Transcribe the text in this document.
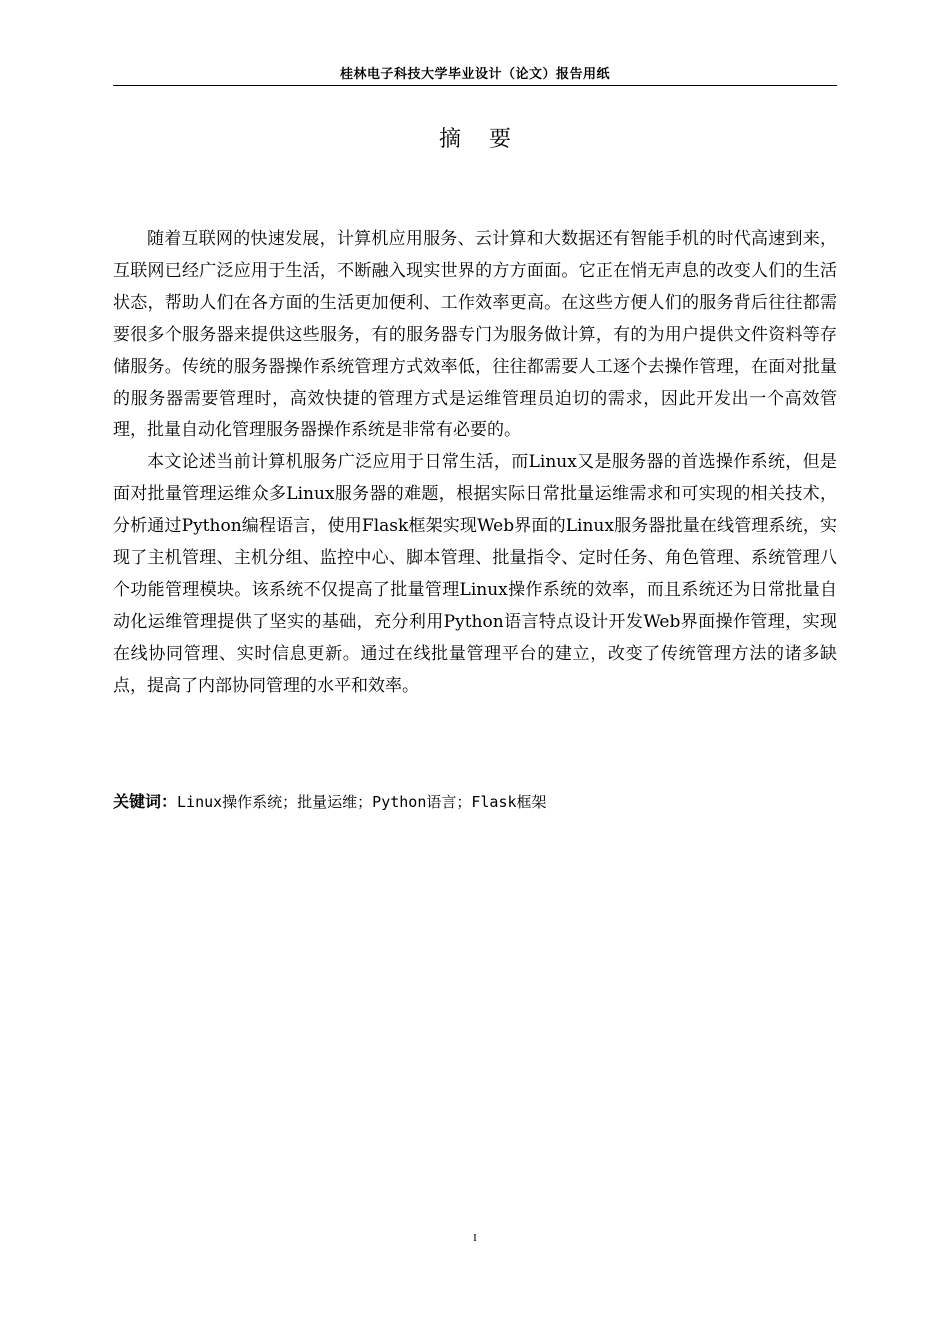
桂林电子科技大学毕业设计（论文）报告用纸
摘要

随着互联网的快速发展，计算机应用服务、云计算和大数据还有智能手机的时代高速到来，互联网已经广泛应用于生活，不断融入现实世界的方方面面。它正在悄无声息的改变人们的生活状态，帮助人们在各方面的生活更加便利、工作效率更高。在这些方便人们的服务背后往往都需要很多个服务器来提供这些服务，有的服务器专门为服务做计算，有的为用户提供文件资料等存储服务。传统的服务器操作系统管理方式效率低，往往都需要人工逐个去操作管理，在面对批量的服务器需要管理时，高效快捷的管理方式是运维管理员迫切的需求，因此开发出一个高效管理，批量自动化管理服务器操作系统是非常有必要的。

本文论述当前计算机服务广泛应用于日常生活，而Linux又是服务器的首选操作系统，但是面对批量管理运维众多Linux服务器的难题，根据实际日常批量运维需求和可实现的相关技术，分析通过Python编程语言，使用Flask框架实现Web界面的Linux服务器批量在线管理系统，实现了主机管理、主机分组、监控中心、脚本管理、批量指令、定时任务、角色管理、系统管理八个功能管理模块。该系统不仅提高了批量管理Linux操作系统的效率，而且系统还为日常批量自动化运维管理提供了坚实的基础，充分利用Python语言特点设计开发Web界面操作管理，实现在线协同管理、实时信息更新。通过在线批量管理平台的建立，改变了传统管理方法的诸多缺点，提高了内部协同管理的水平和效率。

关键词：Linux操作系统；批量运维；Python语言；Flask框架
I
